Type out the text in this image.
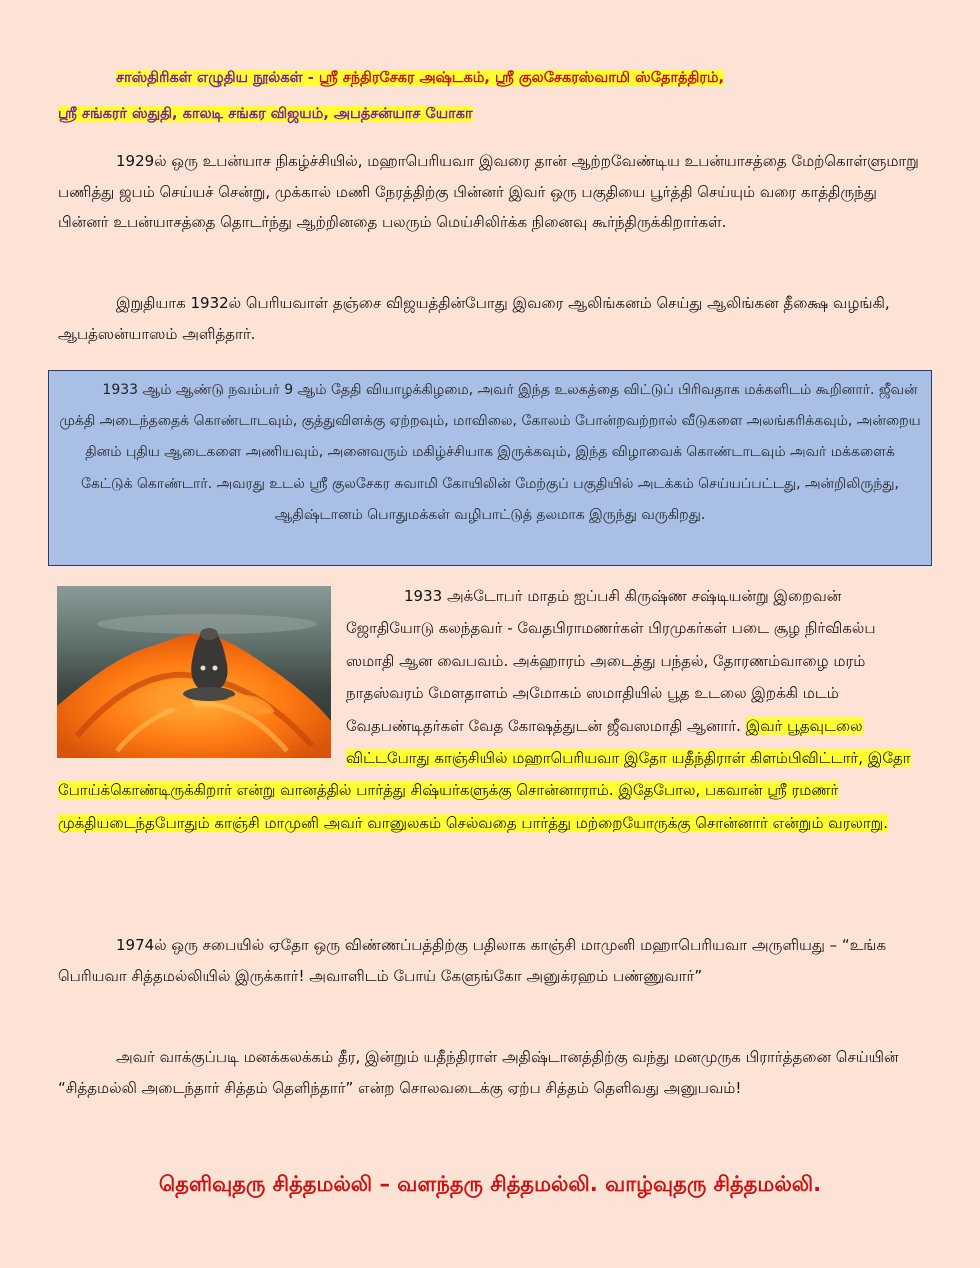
சாஸ்திரிகள் எழுதிய நூல்கள் - ஸ்ரீ சந்திரசேகர அஷ்டகம், ஸ்ரீ குலசேகரஸ்வாமி ஸ்தோத்திரம்,
ஸ்ரீ சங்கரர் ஸ்துதி, காலடி சங்கர விஜயம், அபத்சன்யாச யோகா
1929ல் ஒரு உபன்யாச நிகழ்ச்சியில், மஹாபெரியவா இவரை தான் ஆற்றவேண்டிய உபன்யாசத்தை மேற்கொள்ளுமாறு பணித்து ஜபம் செய்யச் சென்று, முக்கால் மணி நேரத்திற்கு பின்னர் இவர் ஒரு பகுதியை பூர்த்தி செய்யும் வரை காத்திருந்து பின்னர் உபன்யாசத்தை தொடர்ந்து ஆற்றினதை பலரும் மெய்சிலிர்க்க நினைவு கூர்ந்திருக்கிறார்கள்.
இறுதியாக 1932ல் பெரியவாள் தஞ்சை விஜயத்தின்போது இவரை ஆலிங்கனம் செய்து ஆலிங்கன தீக்ஷை வழங்கி, ஆபத்ஸன்யாஸம் அளித்தார்.
1933 ஆம் ஆண்டு நவம்பர் 9 ஆம் தேதி வியாழக்கிழமை, அவர் இந்த உலகத்தை விட்டுப் பிரிவதாக மக்களிடம் கூறினார். ஜீவன் முக்தி அடைந்ததைக் கொண்டாடவும், குத்துவிளக்கு ஏற்றவும், மாவிலை, கோலம் போன்றவற்றால் வீடுகளை அலங்கரிக்கவும், அன்றைய தினம் புதிய ஆடைகளை அணியவும், அனைவரும் மகிழ்ச்சியாக இருக்கவும், இந்த விழாவைக் கொண்டாடவும் அவர் மக்களைக் கேட்டுக் கொண்டார். அவரது உடல் ஸ்ரீ குலசேகர சுவாமி கோயிலின் மேற்குப் பகுதியில் அடக்கம் செய்யப்பட்டது, அன்றிலிருந்து, ஆதிஷ்டானம் பொதுமக்கள் வழிபாட்டுத் தலமாக இருந்து வருகிறது.
1933 அக்டோபர் மாதம் ஐப்பசி கிருஷ்ண சஷ்டியன்று இறைவன் ஜோதியோடு கலந்தவர் - வேதபிராமணர்கள் பிரமுகர்கள் படை சூழ நிர்விகல்ப ஸமாதி ஆன வைபவம். அக்ஹாரம் அடைத்து பந்தல், தோரணம்வாழை மரம் நாதஸ்வரம் மேளதாளம் அமோகம் ஸமாதியில் பூத உடலை இறக்கி மடம் வேதபண்டிதர்கள் வேத கோஷத்துடன் ஜீவஸமாதி ஆனார். இவர் பூதவுடலை விட்டபோது காஞ்சியில் மஹாபெரியவா இதோ யதீந்திராள் கிளம்பிவிட்டார், இதோ போய்க்கொண்டிருக்கிறார் என்று வானத்தில் பார்த்து சிஷ்யர்களுக்கு சொன்னாராம். இதேபோல, பகவான் ஸ்ரீ ரமணர் முக்தியடைந்தபோதும் காஞ்சி மாமுனி அவர் வானுலகம் செல்வதை பார்த்து மற்றையோருக்கு சொன்னார் என்றும் வரலாறு.
1974ல் ஒரு சபையில் ஏதோ ஒரு விண்ணப்பத்திற்கு பதிலாக காஞ்சி மாமுனி மஹாபெரியவா அருளியது – “உங்க பெரியவா சித்தமல்லியில் இருக்கார்! அவாளிடம் போய் கேளுங்கோ அனுக்ரஹம் பண்ணுவார்”
அவர் வாக்குப்படி மனக்கலக்கம் தீர, இன்றும் யதீந்திராள் அதிஷ்டானத்திற்கு வந்து மனமுருக பிரார்த்தனை செய்யின் “சித்தமல்லி அடைந்தார் சித்தம் தெளிந்தார்” என்ற சொலவடைக்கு ஏற்ப சித்தம் தெளிவது அனுபவம்!
தெளிவுதரு சித்தமல்லி – வளந்தரு சித்தமல்லி. வாழ்வுதரு சித்தமல்லி.
